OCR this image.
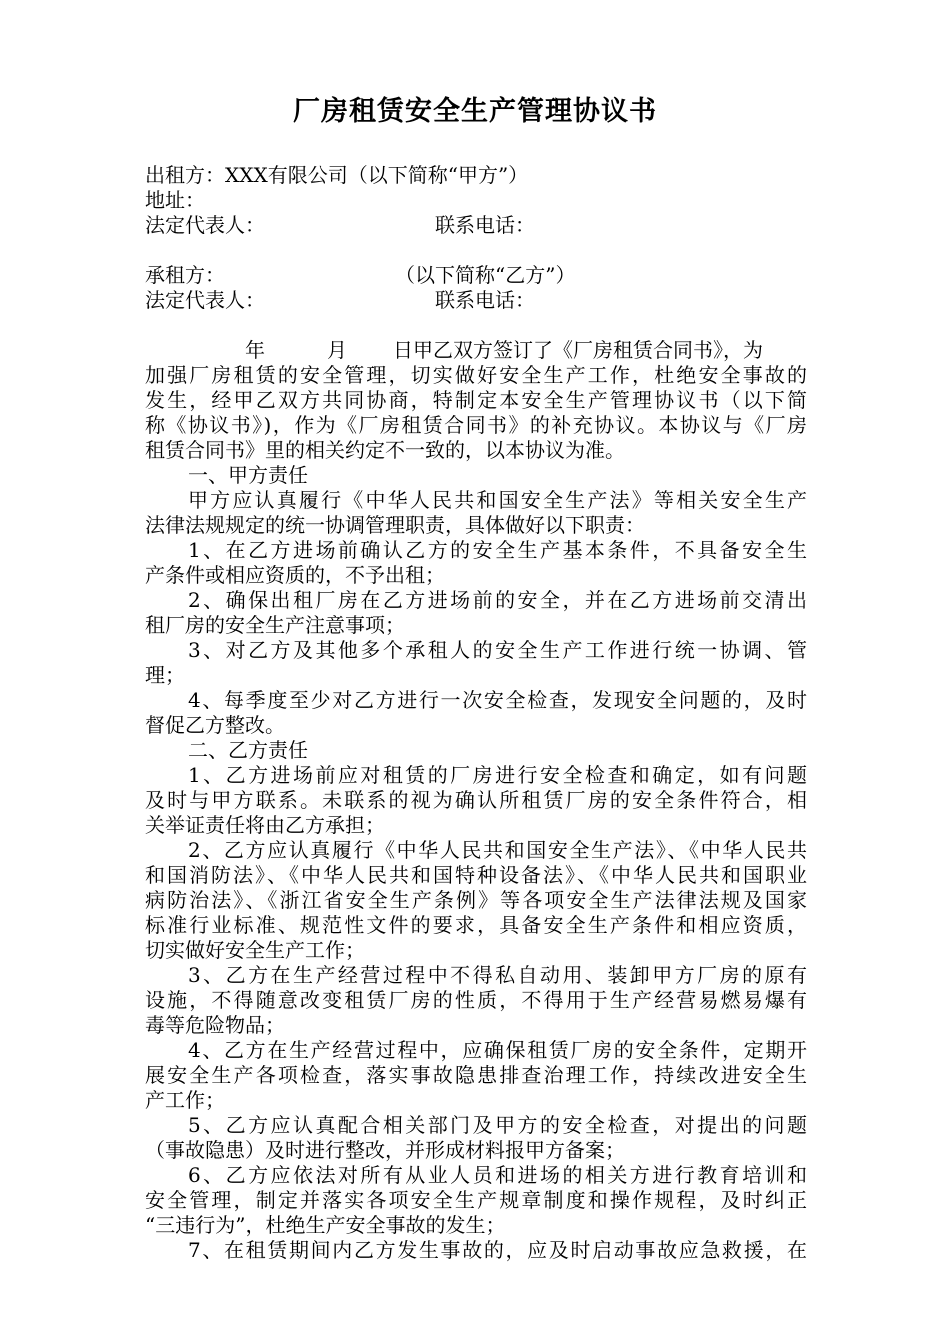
厂房租赁安全生产管理协议书
出租方：XXX有限公司（以下简称“甲方”）
地址：
法定代表人：	联系电话：
承租方：	（以下简称“乙方”）
法定代表人：	联系电话：
年	月 日甲乙双方签订了《厂房租赁合同书》，为
加强厂房租赁的安全管理，切实做好安全生产工作，杜绝安全事故的
发生，经甲乙双方共同协商，特制定本安全生产管理协议书（以下简
称《协议书》)，作为《厂房租赁合同书》的补充协议。本协议与《厂房
租赁合同书》里的相关约定不一致的，以本协议为准。
一、甲方责任
甲方应认真履行《中华人民共和国安全生产法》等相关安全生产
法律法规规定的统一协调管理职责，具体做好以下职责：
1、在乙方进场前确认乙方的安全生产基本条件，不具备安全生
产条件或相应资质的，不予出租；
2、确保出租厂房在乙方进场前的安全，并在乙方进场前交清出
租厂房的安全生产注意事项；
3、对乙方及其他多个承租人的安全生产工作进行统一协调、管
理；
4、每季度至少对乙方进行一次安全检查，发现安全问题的，及时
督促乙方整改。
二、乙方责任
1、乙方进场前应对租赁的厂房进行安全检查和确定，如有问题
及时与甲方联系。未联系的视为确认所租赁厂房的安全条件符合，相
关举证责任将由乙方承担；
2、乙方应认真履行《中华人民共和国安全生产法》、《中华人民共
和国消防法》、《中华人民共和国特种设备法》、《中华人民共和国职业
病防治法》、《浙江省安全生产条例》等各项安全生产法律法规及国家
标准行业标准、规范性文件的要求，具备安全生产条件和相应资质，
切实做好安全生产工作；
3、乙方在生产经营过程中不得私自动用、装卸甲方厂房的原有
设施，不得随意改变租赁厂房的性质，不得用于生产经营易燃易爆有
毒等危险物品；
4、乙方在生产经营过程中，应确保租赁厂房的安全条件，定期开
展安全生产各项检查，落实事故隐患排查治理工作，持续改进安全生
产工作；
5、乙方应认真配合相关部门及甲方的安全检查，对提出的问题
（事故隐患）及时进行整改，并形成材料报甲方备案；
6、乙方应依法对所有从业人员和进场的相关方进行教育培训和
安全管理，制定并落实各项安全生产规章制度和操作规程，及时纠正
“三违行为”，杜绝生产安全事故的发生；
7、在租赁期间内乙方发生事故的，应及时启动事故应急救援，在
